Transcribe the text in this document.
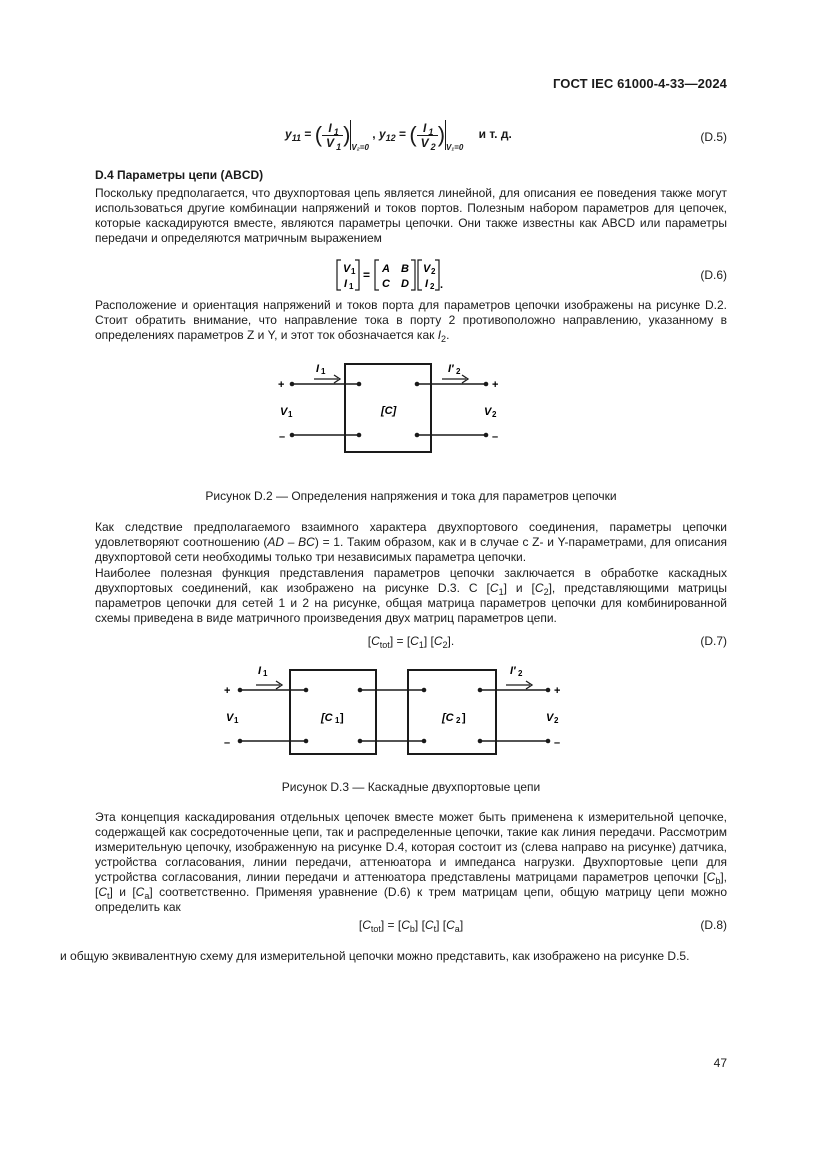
ГОСТ IEC 61000-4-33—2024
$y_{11}$ = ( $\frac{I _1}{V _1} )_{V_2=0}$ , $y_{12}$ = ( $\frac{I _1}{V _2} )_{V_1=0}$ и т. д.	(D.5)
D.4 Параметры цепи (ABCD)

Поскольку предполагается, что двухпортовая цепь является линейной, для описания ее поведения также могут использоваться другие комбинации напряжений и токов портов. Полезным набором параметров для цепочек, которые каскадируются вместе, являются параметры цепочки. Они также известны как ABCD или параметры передачи и определяются матричным выражением

V 1
I 1
= A B
C D
V 2
I 2 .
(D.6)

Расположение и ориентация напряжений и токов порта для параметров цепочки изображены на рисунке D.2. Стоит обратить внимание, что направление тока в порту 2 противоположно направлению, указанному в определениях параметров Z и Y, и этот ток обозначается как $I_2$.

I 1	I′ 2
+	+
–	–
V 1	V 2
[C]
Рисунок D.2 — Определения напряжения и тока для параметров цепочки

Как следствие предполагаемого взаимного характера двухпортового соединения, параметры цепочки удовлетворяют соотношению (AD – BC) = 1. Таким образом, как и в случае с Z- и Y-параметрами, для описания двухпортовой сети необходимы только три независимых параметра цепочки.

Наиболее полезная функция представления параметров цепочки заключается в обработке каскадных двухпортовых соединений, как изображено на рисунке D.3. С $[C_1]$ и $[C_2]$, представляющими матрицы параметров цепочки для сетей 1 и 2 на рисунке, общая матрица параметров цепочки для комбинированной схемы приведена в виде матричного произведения двух матриц параметров цепи.

$[C_{tot}] = [C_1]$ $[C_2]$.	(D.7)
I 1	I′ 2
+	+
–	–
V 1	V 2
[C 1 ]	[C 2 ]
Рисунок D.3 — Каскадные двухпортовые цепи

Эта концепция каскадирования отдельных цепочек вместе может быть применена к измерительной цепочке, содержащей как сосредоточенные цепи, так и распределенные цепочки, такие как линия передачи. Рассмотрим измерительную цепочку, изображенную на рисунке D.4, которая состоит из (слева направо на рисунке) датчика, устройства согласования, линии передачи, аттенюатора и импеданса нагрузки. Двухпортовые цепи для устройства согласования, линии передачи и аттенюатора представлены матрицами параметров цепочки $[C_b]$, $[C_t]$ и $[C_a]$ соответственно. Применяя уравнение (D.6) к трем матрицам цепи, общую матрицу цепи можно определить как

$[C_{tot}] = [C_b]$ $[C_t]$ $[C_a]$	(D.8)

и общую эквивалентную схему для измерительной цепочки можно представить, как изображено на рисунке D.5.

47
